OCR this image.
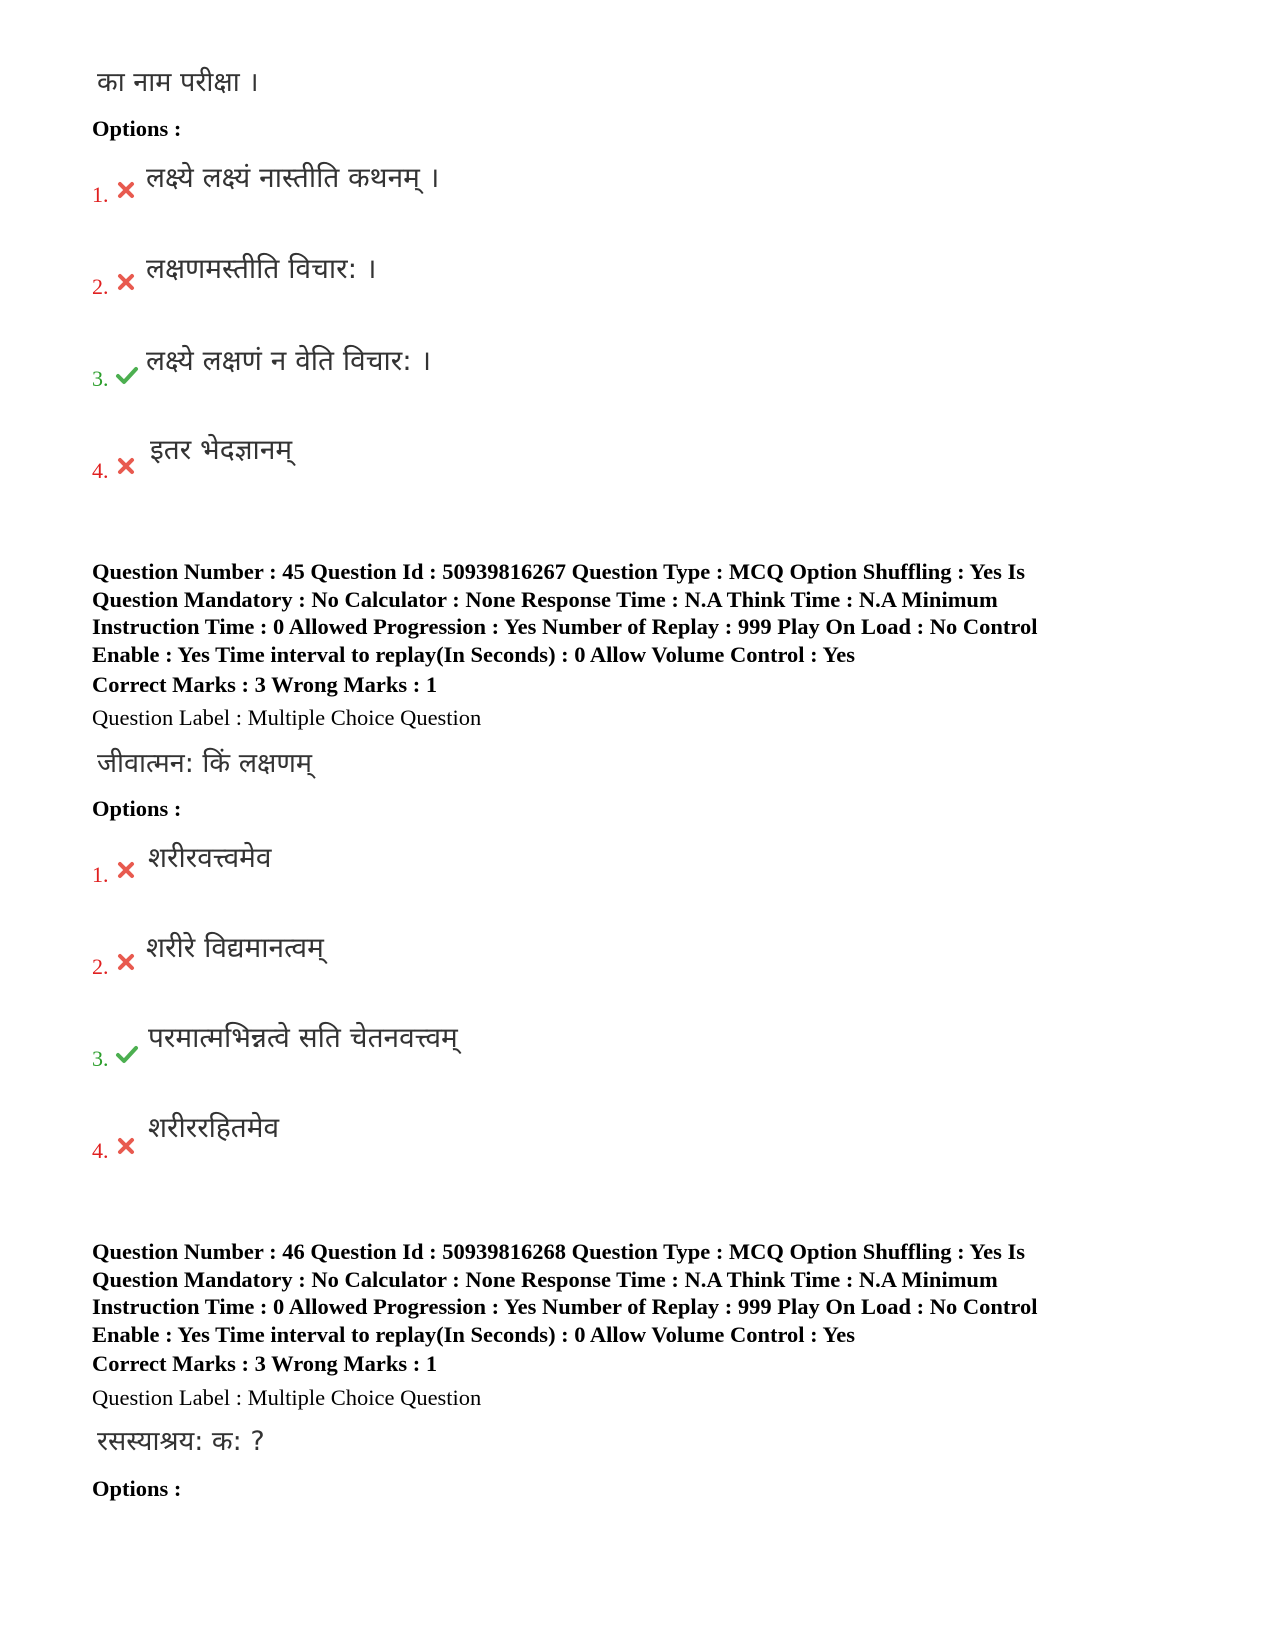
का नाम परीक्षा ।
Options :
1.
लक्ष्ये लक्ष्यं नास्तीति कथनम् ।
2.
लक्षणमस्तीति विचार: ।
3.
लक्ष्ये लक्षणं न वेति विचार: ।
4.
इतर भेदज्ञानम्
Question Number : 45 Question Id : 50939816267 Question Type : MCQ Option Shuffling : Yes Is
Question Mandatory : No Calculator : None Response Time : N.A Think Time : N.A Minimum
Instruction Time : 0 Allowed Progression : Yes Number of Replay : 999 Play On Load : No Control
Enable : Yes Time interval to replay(In Seconds) : 0 Allow Volume Control : Yes
Correct Marks : 3 Wrong Marks : 1
Question Label : Multiple Choice Question
जीवात्मन: किं लक्षणम्
Options :
1.
शरीरवत्त्वमेव
2.
शरीरे विद्यमानत्वम्
3.
परमात्मभिन्नत्वे सति चेतनवत्त्वम्
4.
शरीररहितमेव
Question Number : 46 Question Id : 50939816268 Question Type : MCQ Option Shuffling : Yes Is
Question Mandatory : No Calculator : None Response Time : N.A Think Time : N.A Minimum
Instruction Time : 0 Allowed Progression : Yes Number of Replay : 999 Play On Load : No Control
Enable : Yes Time interval to replay(In Seconds) : 0 Allow Volume Control : Yes
Correct Marks : 3 Wrong Marks : 1
Question Label : Multiple Choice Question
रसस्याश्रय: क: ?
Options :
